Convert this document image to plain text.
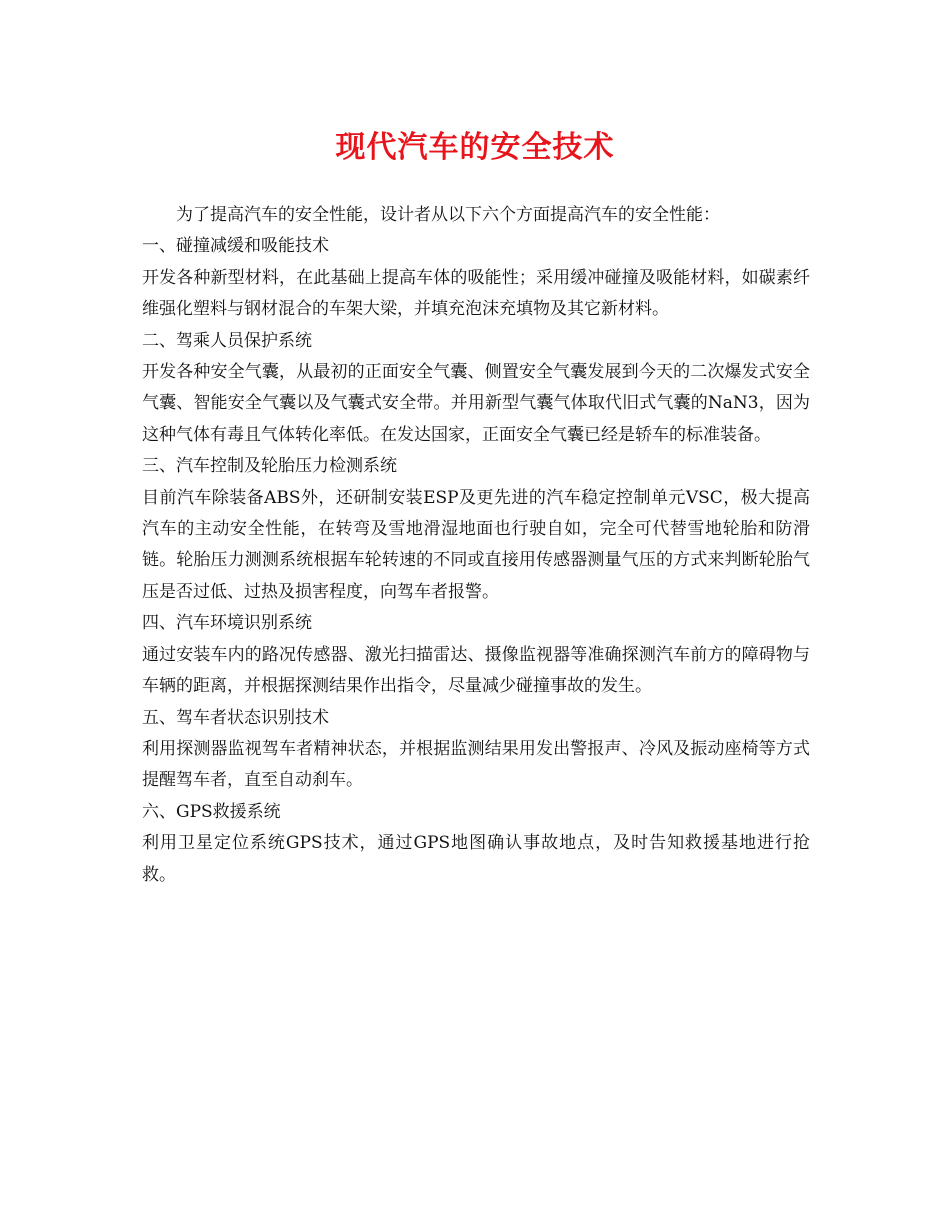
现代汽车的安全技术

为了提高汽车的安全性能，设计者从以下六个方面提高汽车的安全性能：

一、碰撞减缓和吸能技术

开发各种新型材料，在此基础上提高车体的吸能性；采用缓冲碰撞及吸能材料，如碳素纤维强化塑料与钢材混合的车架大梁，并填充泡沫充填物及其它新材料。

二、驾乘人员保护系统

开发各种安全气囊，从最初的正面安全气囊、侧置安全气囊发展到今天的二次爆发式安全气囊、智能安全气囊以及气囊式安全带。并用新型气囊气体取代旧式气囊的NaN3，因为这种气体有毒且气体转化率低。在发达国家，正面安全气囊已经是轿车的标准装备。

三、汽车控制及轮胎压力检测系统

目前汽车除装备ABS外，还研制安装ESP及更先进的汽车稳定控制单元VSC，极大提高汽车的主动安全性能，在转弯及雪地滑湿地面也行驶自如，完全可代替雪地轮胎和防滑链。轮胎压力测测系统根据车轮转速的不同或直接用传感器测量气压的方式来判断轮胎气压是否过低、过热及损害程度，向驾车者报警。

四、汽车环境识别系统

通过安装车内的路况传感器、激光扫描雷达、摄像监视器等准确探测汽车前方的障碍物与车辆的距离，并根据探测结果作出指令，尽量减少碰撞事故的发生。

五、驾车者状态识别技术

利用探测器监视驾车者精神状态，并根据监测结果用发出警报声、冷风及振动座椅等方式提醒驾车者，直至自动刹车。

六、GPS救援系统

利用卫星定位系统GPS技术，通过GPS地图确认事故地点，及时告知救援基地进行抢救。
